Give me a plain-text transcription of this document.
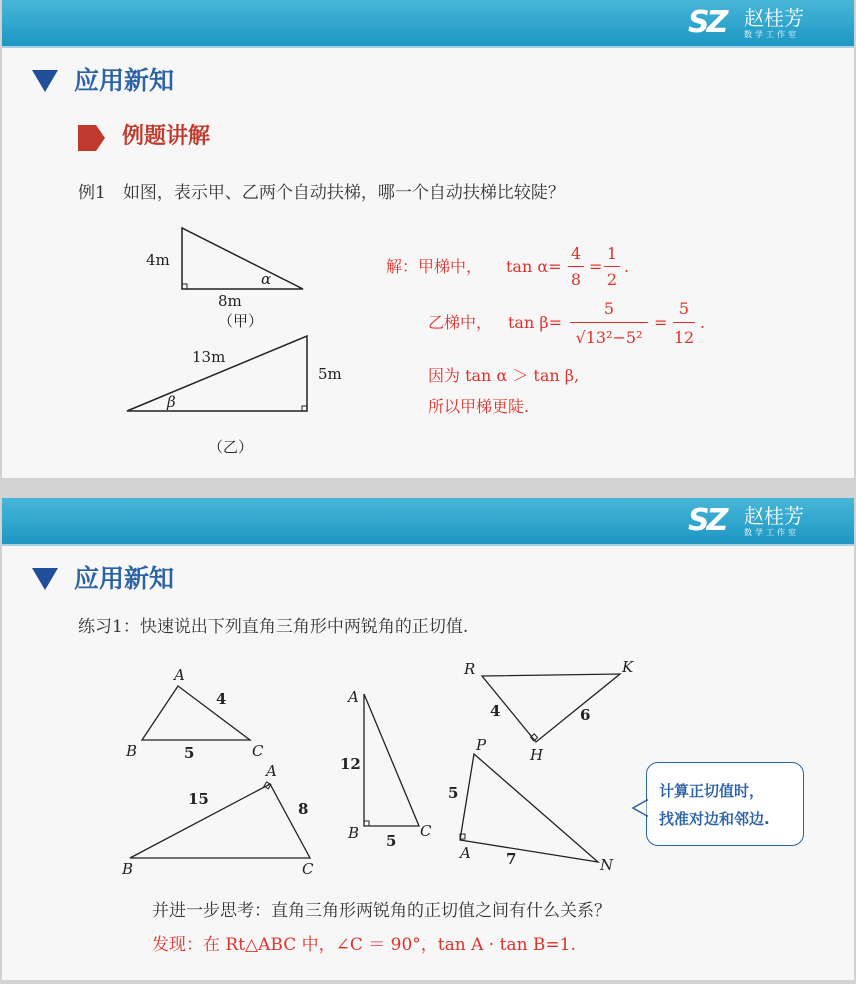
SZ 赵桂芳
数学工作室
应用新知
例题讲解
例1　如图，表示甲、乙两个自动扶梯，哪一个自动扶梯比较陡？
4m
8m
α
（甲）
13m
5m
β
（乙）
解：甲梯中， tan α=
4
8
=
1
2
.
乙梯中， tan β=
5
√13²−5²
=
5
12
.
因为 tan α ＞ tan β,
所以甲梯更陡.
SZ 赵桂芳
数学工作室
应用新知
练习1：快速说出下列直角三角形中两锐角的正切值.
A
B	C
4
5
A
B	C
12
5
A
B	C
15
8
R	K
H
4	6
P
A
N
5
7
计算正切值时，
找准对边和邻边.
并进一步思考：直角三角形两锐角的正切值之间有什么关系？
发现：在 Rt△ABC 中，∠C ＝ 90°，tan A · tan B=1.
